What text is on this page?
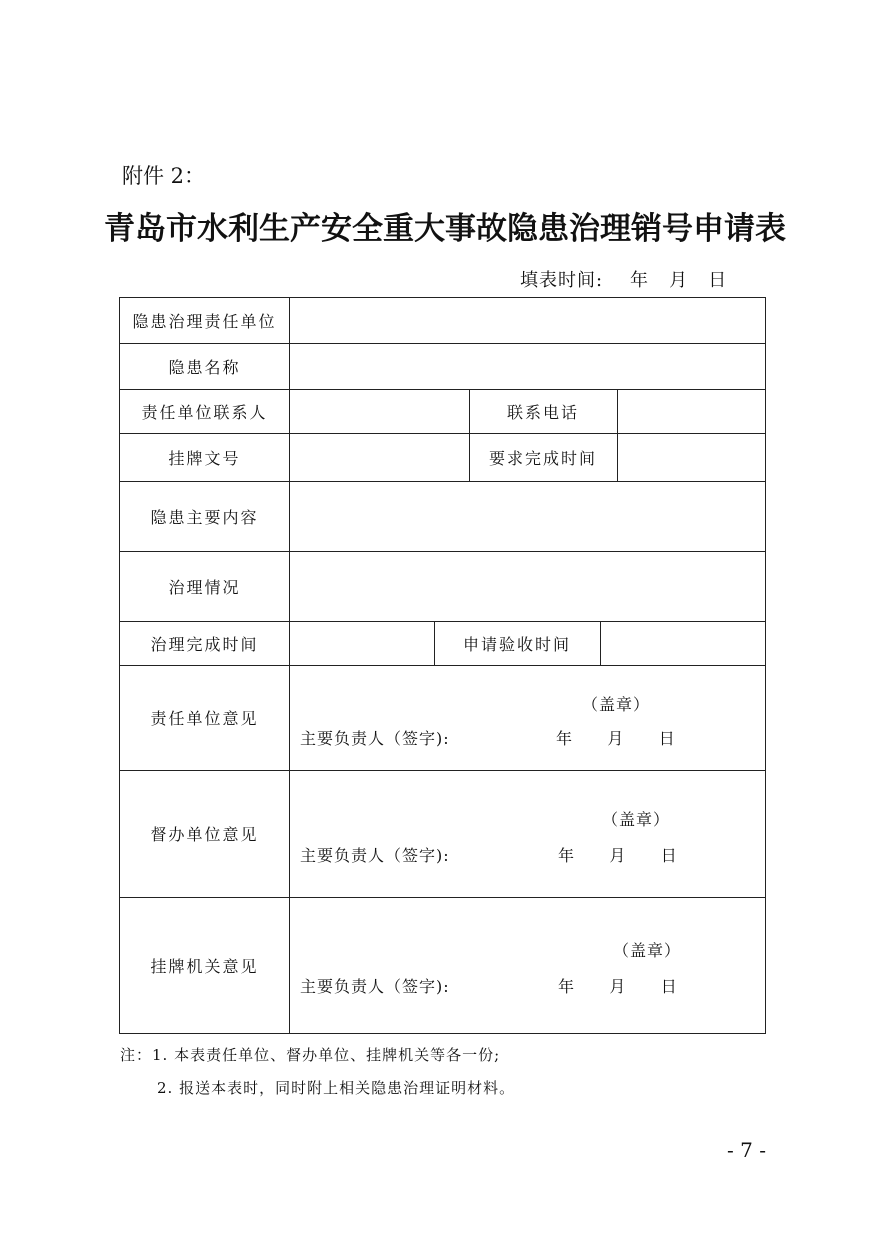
附件 2：
青岛市水利生产安全重大事故隐患治理销号申请表
填表时间:    年   月   日
隐患治理责任单位
隐患名称
责任单位联系人	联系电话
挂牌文号	要求完成时间
隐患主要内容
治理情况
治理完成时间	申请验收时间
责任单位意见
（盖章）
主要负责人（签字):	年    月    日
督办单位意见
（盖章）
主要负责人（签字):	年    月    日
挂牌机关意见
（盖章）
主要负责人（签字):	年    月    日
注：1. 本表责任单位、督办单位、挂牌机关等各一份;
2. 报送本表时，同时附上相关隐患治理证明材料。
- 7 -
